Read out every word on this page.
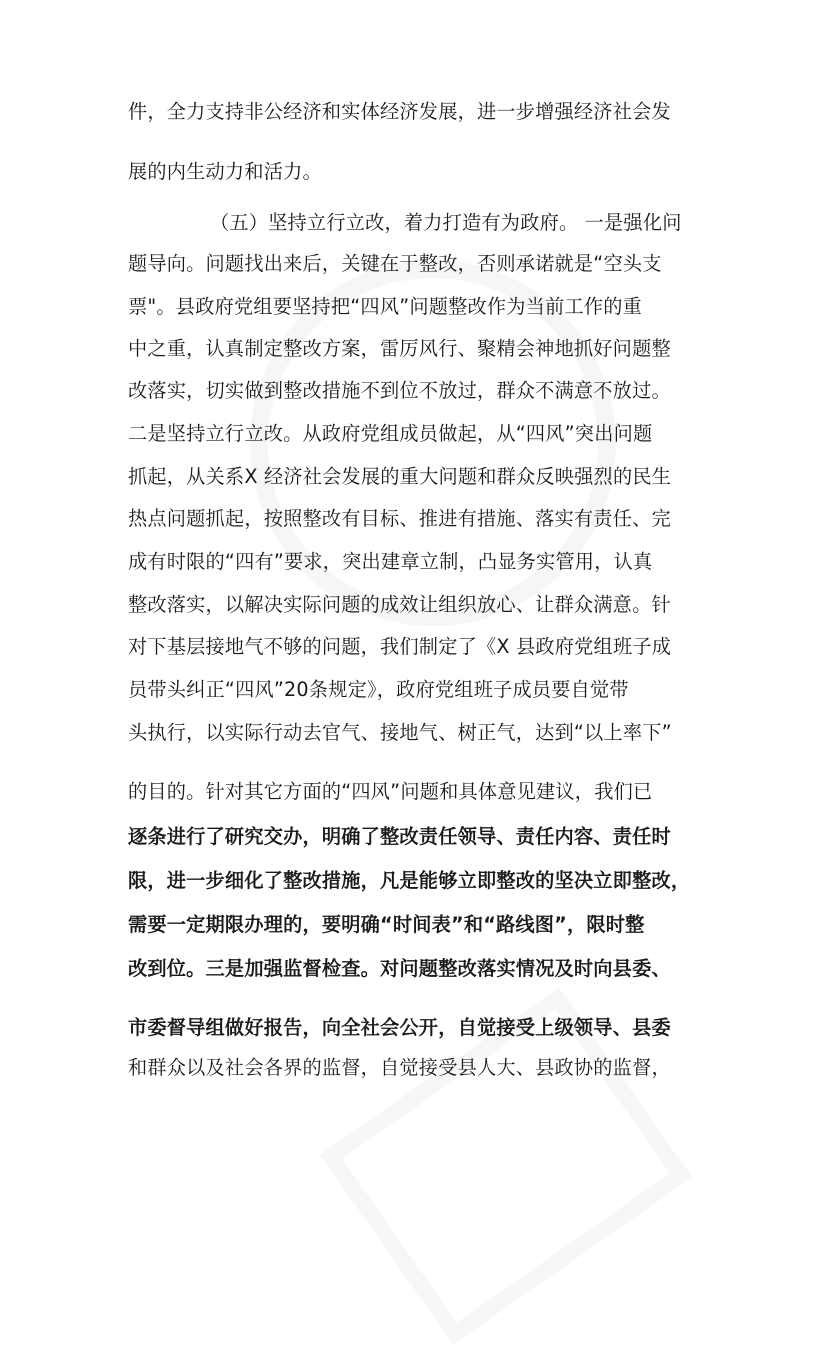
件，全力支持非公经济和实体经济发展，进一步增强经济社会发
展的内生动力和活力。
（五）坚持立行立改，着力打造有为政府。 一是强化问
题导向。问题找出来后，关键在于整改，否则承诺就是“空头支
票"。县政府党组要坚持把“四风”问题整改作为当前工作的重
中之重，认真制定整改方案，雷厉风行、聚精会神地抓好问题整
改落实，切实做到整改措施不到位不放过，群众不满意不放过。
二是坚持立行立改。从政府党组成员做起，从“四风”突出问题
抓起，从关系X 经济社会发展的重大问题和群众反映强烈的民生
热点问题抓起，按照整改有目标、推进有措施、落实有责任、完
成有时限的“四有”要求，突出建章立制，凸显务实管用，认真
整改落实，以解决实际问题的成效让组织放心、让群众满意。针
对下基层接地气不够的问题，我们制定了《X 县政府党组班子成
员带头纠正“四风”20条规定》，政府党组班子成员要自觉带
头执行，以实际行动去官气、接地气、树正气，达到“以上率下”
的目的。针对其它方面的“四风”问题和具体意见建议，我们已
逐条进行了研究交办，明确了整改责任领导、责任内容、责任时
限，进一步细化了整改措施，凡是能够立即整改的坚决立即整改，
需要一定期限办理的，要明确“时间表”和“路线图”，限时整
改到位。三是加强监督检查。对问题整改落实情况及时向县委、
市委督导组做好报告，向全社会公开，自觉接受上级领导、县委
和群众以及社会各界的监督，自觉接受县人大、县政协的监督，
